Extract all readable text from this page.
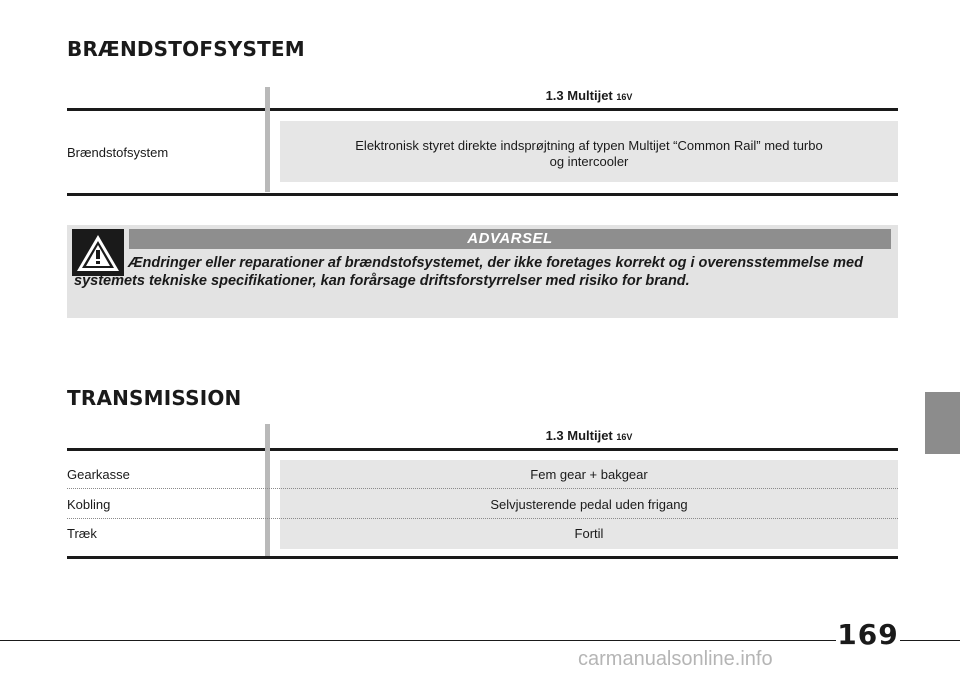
BRÆNDSTOFSYSTEM
1.3 Multijet 16V
Brændstofsystem	Elektronisk styret direkte indsprøjtning af typen Multijet “Common Rail” med turbo
og intercooler
ADVARSEL
Ændringer eller reparationer af brændstofsystemet, der ikke foretages korrekt og i overensstemmelse med systemets tekniske specifikationer, kan forårsage driftsforstyrrelser med risiko for brand.
TRANSMISSION
1.3 Multijet 16V
Gearkasse	Fem gear + bakgear
Kobling	Selvjusterende pedal uden frigang
Træk	Fortil
169
carmanualsonline.info
